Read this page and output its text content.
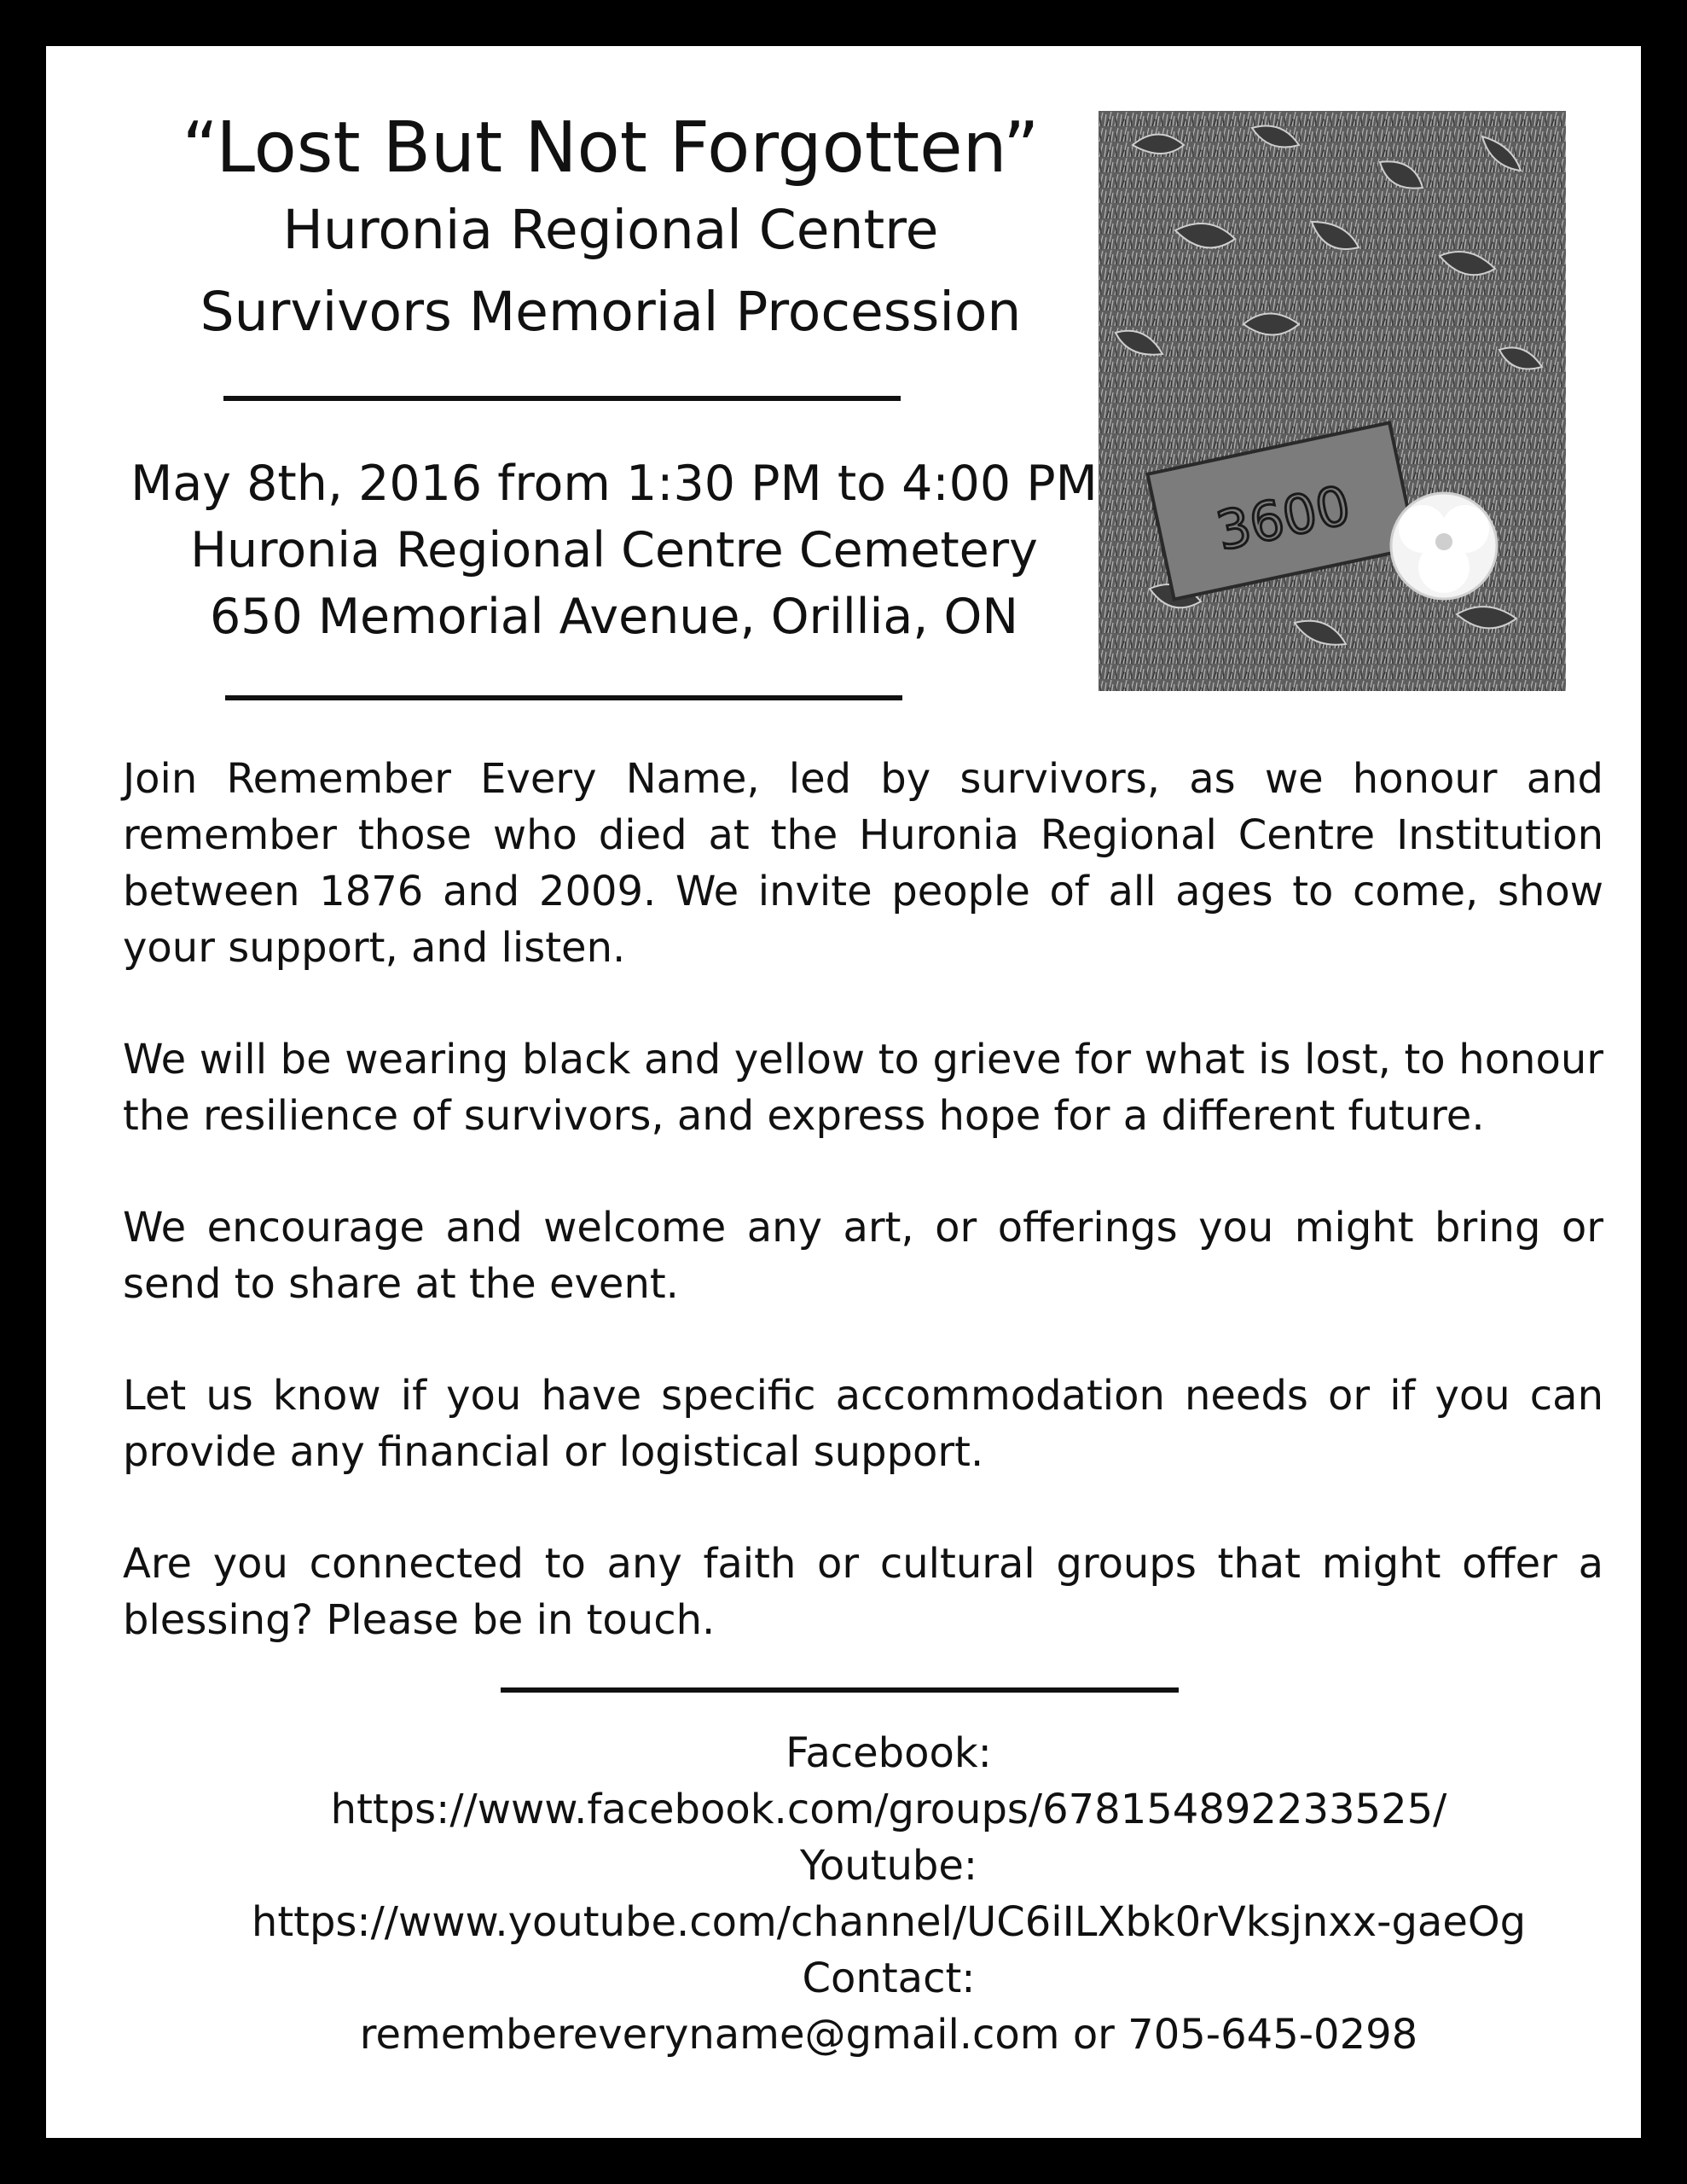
“Lost But Not Forgotten”
Huronia Regional Centre
Survivors Memorial Procession
May 8th, 2016 from 1:30 PM to 4:00 PM
Huronia Regional Centre Cemetery
650 Memorial Avenue, Orillia, ON
3600

Join Remember Every Name, led by survivors, as we honour and remember those who died at the Huronia Regional Centre Institution between 1876 and 2009. We invite people of all ages to come, show your support, and listen.

We will be wearing black and yellow to grieve for what is lost, to honour the resilience of survivors, and express hope for a different future.

We encourage and welcome any art, or offerings you might bring or send to share at the event.

Let us know if you have specific accommodation needs or if you can provide any financial or logistical support.

Are you connected to any faith or cultural groups that might offer a blessing? Please be in touch.

Facebook:
https://www.facebook.com/groups/678154892233525/
Youtube:
https://www.youtube.com/channel/UC6iILXbk0rVksjnxx-gaeOg
Contact:
remembereveryname@gmail.com or 705-645-0298
